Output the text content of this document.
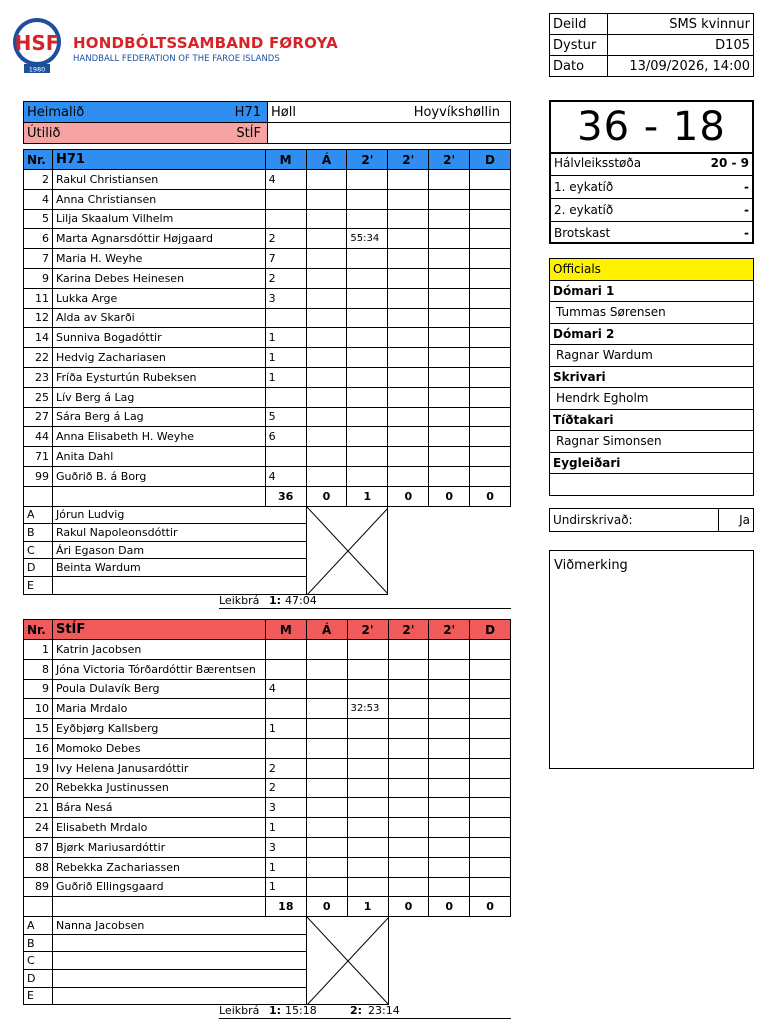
HSF
1980
HONDBÓLTSSAMBAND FØROYA
HANDBALL FEDERATION OF THE FAROE ISLANDS
Deild	SMS kvinnur
Dystur	D105
Dato	13/09/2026, 14:00
Heimalið H71	Høll Hoyvíkshøllin

Útilið StÍF	

Nr.	H71	M	Á	2'	2'	2'	D
2	Rakul Christiansen	4					
4	Anna Christiansen						
5	Lilja Skaalum Vilhelm						
6	Marta Agnarsdóttir Højgaard	2		55:34			
7	Maria H. Weyhe	7					
9	Karina Debes Heinesen	2					
11	Lukka Arge	3					
12	Alda av Skarði						
14	Sunniva Bogadóttir	1					
22	Hedvig Zachariasen	1					
23	Fríða Eysturtún Rubeksen	1					
25	Lív Berg á Lag						
27	Sára Berg á Lag	5					
44	Anna Elisabeth H. Weyhe	6					
71	Anita Dahl						
99	Guðrið B. á Borg	4					
		36	0	1	0	0	0
A	Jórun Ludvig	

B	Rakul Napoleonsdóttir						
C	Ári Egason Dam						
D	Beinta Wardum						
E							
Leikbrá 1: 47:04
Nr.	StÍF	M	Á	2'	2'	2'	D
1	Katrin Jacobsen						
8	Jóna Victoria Tórðardóttir Bærentsen						
9	Poula Dulavík Berg	4					
10	Maria Mrdalo			32:53			
15	Eyðbjørg Kallsberg	1					
16	Momoko Debes						
19	Ivy Helena Janusardóttir	2					
20	Rebekka Justinussen	2					
21	Bára Nesá	3					
24	Elisabeth Mrdalo	1					
87	Bjørk Mariusardóttir	3					
88	Rebekka Zachariassen	1					
89	Guðrið Ellingsgaard	1					
		18	0	1	0	0	0
A	Nanna Jacobsen	

B							
C							
D							
E							
Leikbrá 1: 15:18	2: 23:14
36 - 18
Hálvleiksstøða	20 - 9
1. eykatíð	-
2. eykatíð	-
Brotskast	-
Officials
Dómari 1
Tummas Sørensen
Dómari 2
Ragnar Wardum
Skrivari
Hendrk Egholm
Tíðtakari
Ragnar Simonsen
Eygleiðari

Undirskrivað:	Ja
Viðmerking
